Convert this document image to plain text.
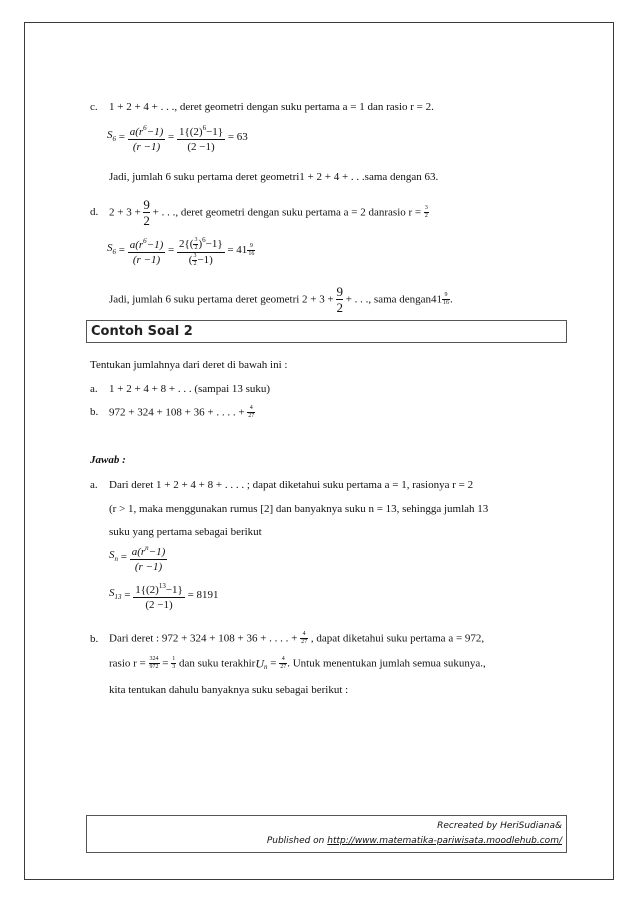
c. 1 + 2 + 4 + . . ., deret geometri dengan suku pertama a = 1 dan rasio r = 2.
$S_6 = \frac{a(r^6-1)}{(r -1)} = \frac{1\{(2)^6-1\}}{(2 -1)} = 63$
Jadi, jumlah 6 suku pertama deret geometri1 + 2 + 4 + . . .sama dengan 63.
d. $2 + 3 + \frac{9}{2}$ + . . ., deret geometri dengan suku pertama a = 2 danrasio $r = \frac{3}{2}$
$S_6 = \frac{a(r^6-1)}{(r -1)} = \frac{2\{( \frac{3}{2} )^6-1\}}{( \frac{3}{2} -1)} = 41 \frac{9}{16}$
Jadi, jumlah 6 suku pertama deret geometri $2 + 3 + \frac{9}{2}$ + . . ., sama dengan41 $\frac{9}{16}$ .
Contoh Soal 2
Tentukan jumlahnya dari deret di bawah ini :
a. 1 + 2 + 4 + 8 + . . . (sampai 13 suku)
b. 972 + 324 + 108 + 36 + . . . . + $\frac{4}{27}$
Jawab :
a. Dari deret 1 + 2 + 4 + 8 + . . . . ; dapat diketahui suku pertama a = 1, rasionya r = 2
(r > 1, maka menggunakan rumus [2] dan banyaknya suku n = 13, sehingga jumlah 13
suku yang pertama sebagai berikut
$S_n = \frac{a(r^n-1)}{(r -1)}$
$S_{13} = \frac{1\{(2)^{13}-1\}}{(2 -1)} = 8191$
b. Dari deret : 972 + 324 + 108 + 36 + . . . . + $\frac{4}{27}$ , dapat diketahui suku pertama a = 972,
rasio $r = \frac{324}{972} = \frac{1}{3}$ dan suku terakhirU$_n$ = $\frac{4}{27}$ . Untuk menentukan jumlah semua sukunya.,
kita tentukan dahulu banyaknya suku sebagai berikut :
Recreated by HeriSudiana&
Published on http://www.matematika-pariwisata.moodlehub.com/
